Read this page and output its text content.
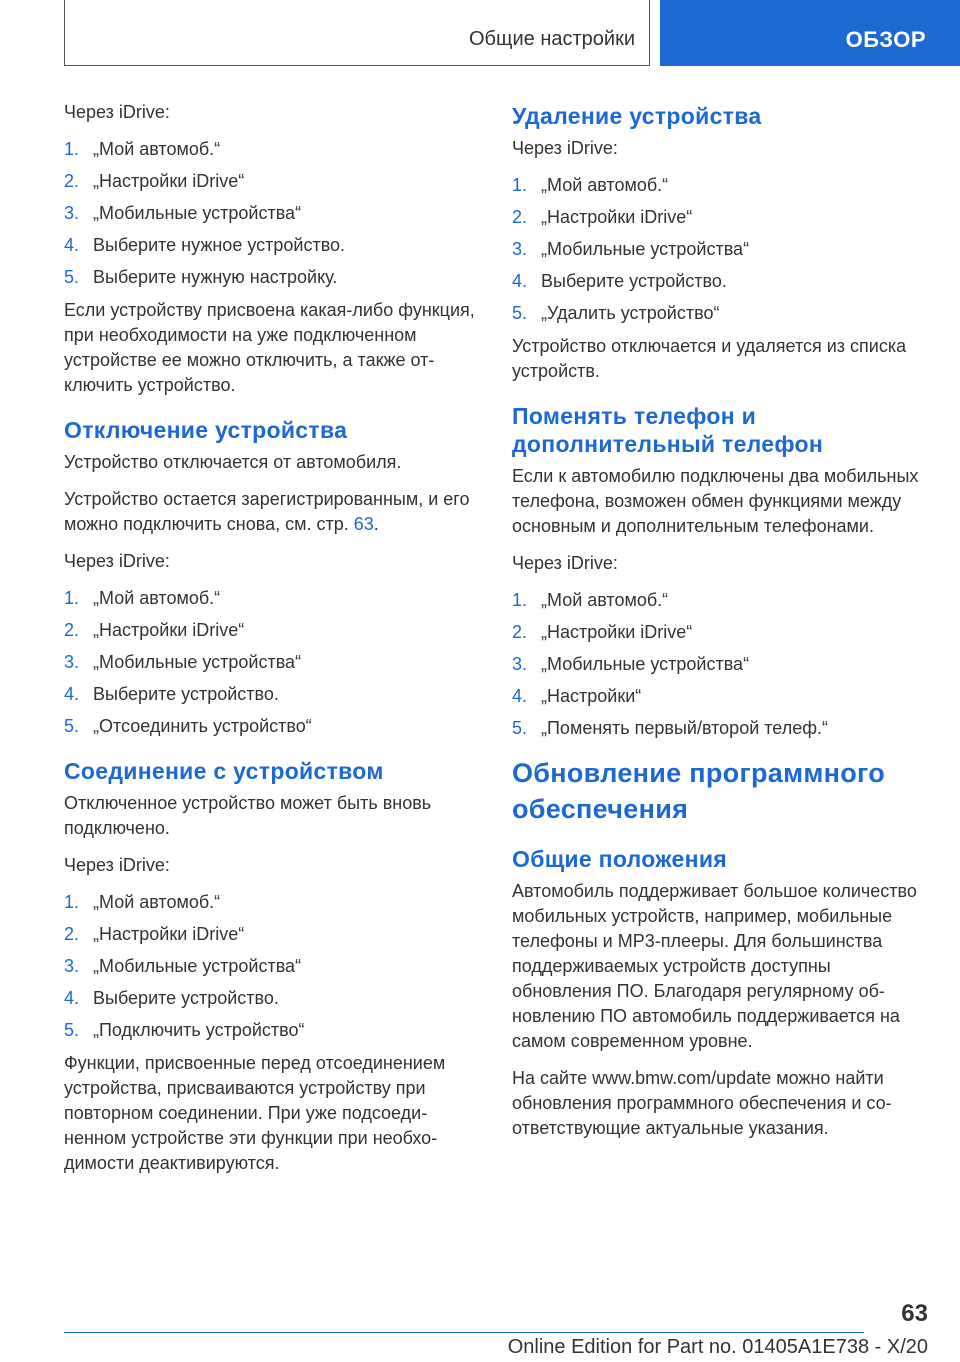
Общие настройки	ОБЗОР

Через iDrive:

1. „Мой автомоб.“
2. „Настройки iDrive“
3. „Мобильные устройства“
4. Выберите нужное устройство.
5. Выберите нужную настройку.

Если устройству присвоена какая-либо функция, при необходимости на уже подключенном устройстве ее можно отключить, а также отключить устройство.

Отключение устройства

Устройство отключается от автомобиля.

Устройство остается зарегистрированным, и его можно подключить снова, см. стр. 63.

Через iDrive:

1. „Мой автомоб.“
2. „Настройки iDrive“
3. „Мобильные устройства“
4. Выберите устройство.
5. „Отсоединить устройство“
Соединение с устройством

Отключенное устройство может быть вновь подключено.

Через iDrive:

1. „Мой автомоб.“
2. „Настройки iDrive“
3. „Мобильные устройства“
4. Выберите устройство.
5. „Подключить устройство“

Функции, присвоенные перед отсоединением устройства, присваиваются устройству при повторном соединении. При уже подсоединенном устройстве эти функции при необходимости деактивируются.

Удаление устройства

Через iDrive:

1. „Мой автомоб.“
2. „Настройки iDrive“
3. „Мобильные устройства“
4. Выберите устройство.
5. „Удалить устройство“

Устройство отключается и удаляется из списка устройств.

Поменять телефон и дополнительный телефон

Если к автомобилю подключены два мобильных телефона, возможен обмен функциями между основным и дополнительным телефонами.

Через iDrive:

1. „Мой автомоб.“
2. „Настройки iDrive“
3. „Мобильные устройства“
4. „Настройки“
5. „Поменять первый/второй телеф.“
Обновление программного обеспечения
Общие положения

Автомобиль поддерживает большое количество мобильных устройств, например, мобильные телефоны и MP3-плееры. Для большинства поддерживаемых устройств доступны обновления ПО. Благодаря регулярному обновлению ПО автомобиль поддерживается на самом современном уровне.

На сайте www.bmw.com/update можно найти обновления программного обеспечения и соответствующие актуальные указания.

63
Online Edition for Part no. 01405A1E738 - X/20
